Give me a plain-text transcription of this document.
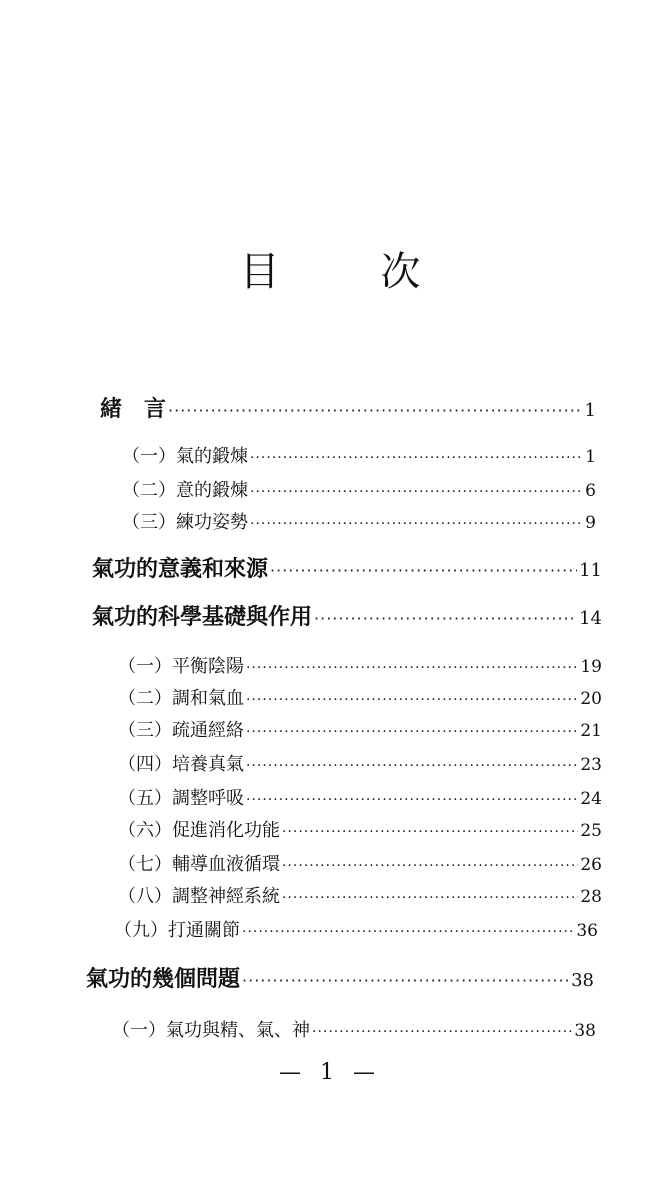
目	次
緒　言 ·····	1
（一）氣的鍛煉 ·····	1
（二）意的鍛煉 ·····	6
（三）練功姿勢 ·····	9
氣功的意義和來源 ·····	11
氣功的科學基礎與作用 ·····	14
（一）平衡陰陽 ·····	19
（二）調和氣血 ·····	20
（三）疏通經絡 ·····	21
（四）培養真氣 ·····	23
（五）調整呼吸 ·····	24
（六）促進消化功能 ·····	25
（七）輔導血液循環 ·····	26
（八）調整神經系統 ·····	28
（九）打通關節 ·····	36
氣功的幾個問題 ·····	38
（一）氣功與精、氣、神 ·····	38
— 1 —
